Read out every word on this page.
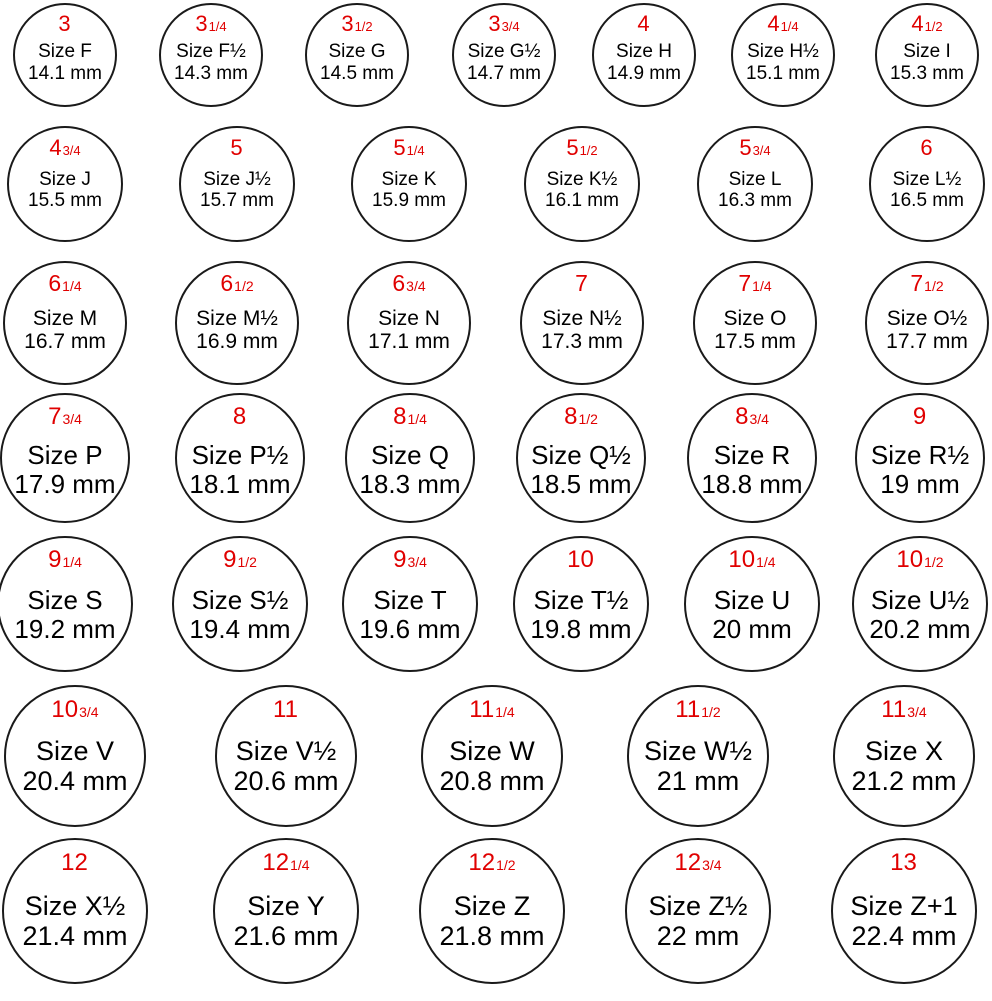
3
Size F
14.1 mm
31/4
Size F½
14.3 mm
31/2
Size G
14.5 mm
33/4
Size G½
14.7 mm
4
Size H
14.9 mm
41/4
Size H½
15.1 mm
41/2
Size I
15.3 mm
43/4
Size J
15.5 mm
5
Size J½
15.7 mm
51/4
Size K
15.9 mm
51/2
Size K½
16.1 mm
53/4
Size L
16.3 mm
6
Size L½
16.5 mm
61/4
Size M
16.7 mm
61/2
Size M½
16.9 mm
63/4
Size N
17.1 mm
7
Size N½
17.3 mm
71/4
Size O
17.5 mm
71/2
Size O½
17.7 mm
73/4
Size P
17.9 mm
8
Size P½
18.1 mm
81/4
Size Q
18.3 mm
81/2
Size Q½
18.5 mm
83/4
Size R
18.8 mm
9
Size R½
19 mm
91/4
Size S
19.2 mm
91/2
Size S½
19.4 mm
93/4
Size T
19.6 mm
10
Size T½
19.8 mm
101/4
Size U
20 mm
101/2
Size U½
20.2 mm
103/4
Size V
20.4 mm
11
Size V½
20.6 mm
111/4
Size W
20.8 mm
111/2
Size W½
21 mm
113/4
Size X
21.2 mm
12
Size X½
21.4 mm
121/4
Size Y
21.6 mm
121/2
Size Z
21.8 mm
123/4
Size Z½
22 mm
13
Size Z+1
22.4 mm
